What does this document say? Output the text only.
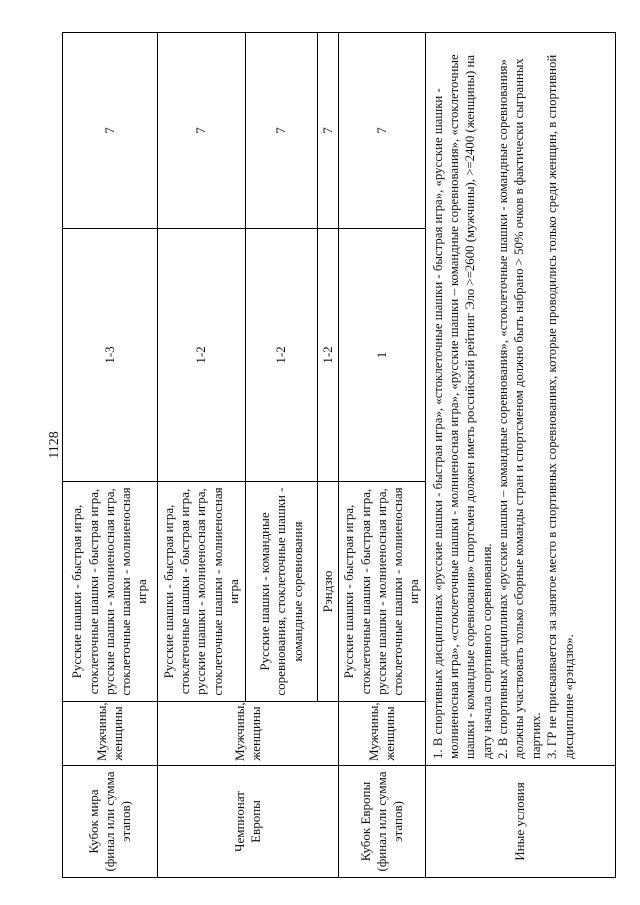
1128
Кубок мира (финал или сумма этапов)	Мужчины, женщины	Русские шашки - быстрая игра, стоклеточные шашки - быстрая игра, русские шашки - молниеносная игра, стоклеточные шашки - молниеносная игра	1-3	7
Чемпионат Европы	Мужчины, женщины	Русские шашки - быстрая игра, стоклеточные шашки - быстрая игра, русские шашки - молниеносная игра, стоклеточные шашки - молниеносная игра	1-2	7
		Русские шашки - командные соревнования, стоклеточные шашки - командные соревнования	1-2	7
		Рэндзю	1-2	7
Кубок Европы (финал или сумма этапов)	Мужчины, женщины	Русские шашки - быстрая игра, стоклеточные шашки - быстрая игра, русские шашки - молниеносная игра, стоклеточные шашки - молниеносная игра	1	7
Иные условия	1. В спортивных дисциплинах «русские шашки - быстрая игра», «стоклеточные шашки - быстрая игра», «русские шашки - молниеносная игра», «стоклеточные шашки - молниеносная игра», «русские шашки – командные соревнования», «стоклеточные шашки - командные соревнования» спортсмен должен иметь российский рейтинг Эло >=2600 (мужчины), >=2400 (женщины) на дату начала спортивного соревнования. 2. В спортивных дисциплинах «русские шашки – командные соревнования», «стоклеточные шашки - командные соревнования» должны участвовать только сборные команды стран и спортсменом должно быть набрано > 50% очков в фактически сыгранных партиях. 3. ГР не присваивается за занятое место в спортивных соревнованиях, которые проводились только среди женщин, в спортивной дисциплине «рэндзю».			
